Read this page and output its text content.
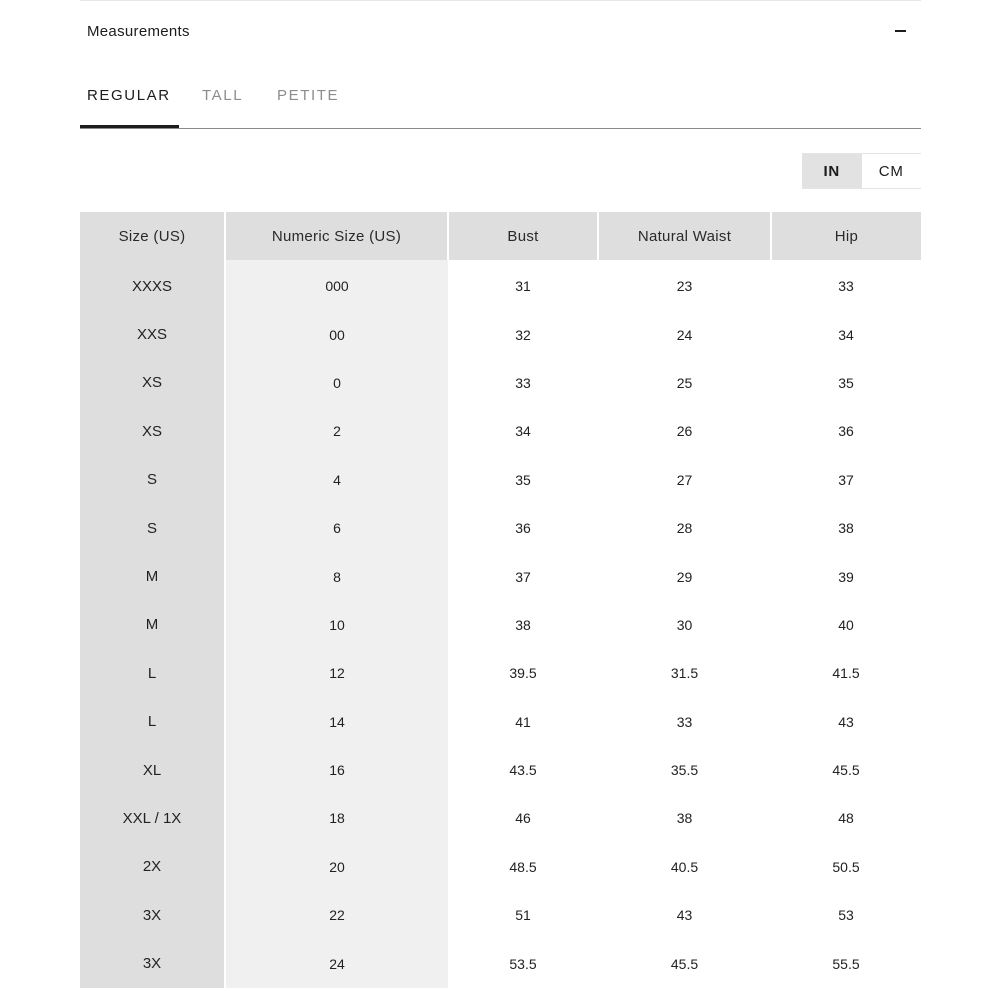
Measurements
REGULAR TALL PETITE
IN	CM
Size (US)	Numeric Size (US)	Bust	Natural Waist	Hip
XXXS	000	31	23	33
XXS	00	32	24	34
XS	0	33	25	35
XS	2	34	26	36
S	4	35	27	37
S	6	36	28	38
M	8	37	29	39
M	10	38	30	40
L	12	39.5	31.5	41.5
L	14	41	33	43
XL	16	43.5	35.5	45.5
XXL / 1X	18	46	38	48
2X	20	48.5	40.5	50.5
3X	22	51	43	53
3X	24	53.5	45.5	55.5
